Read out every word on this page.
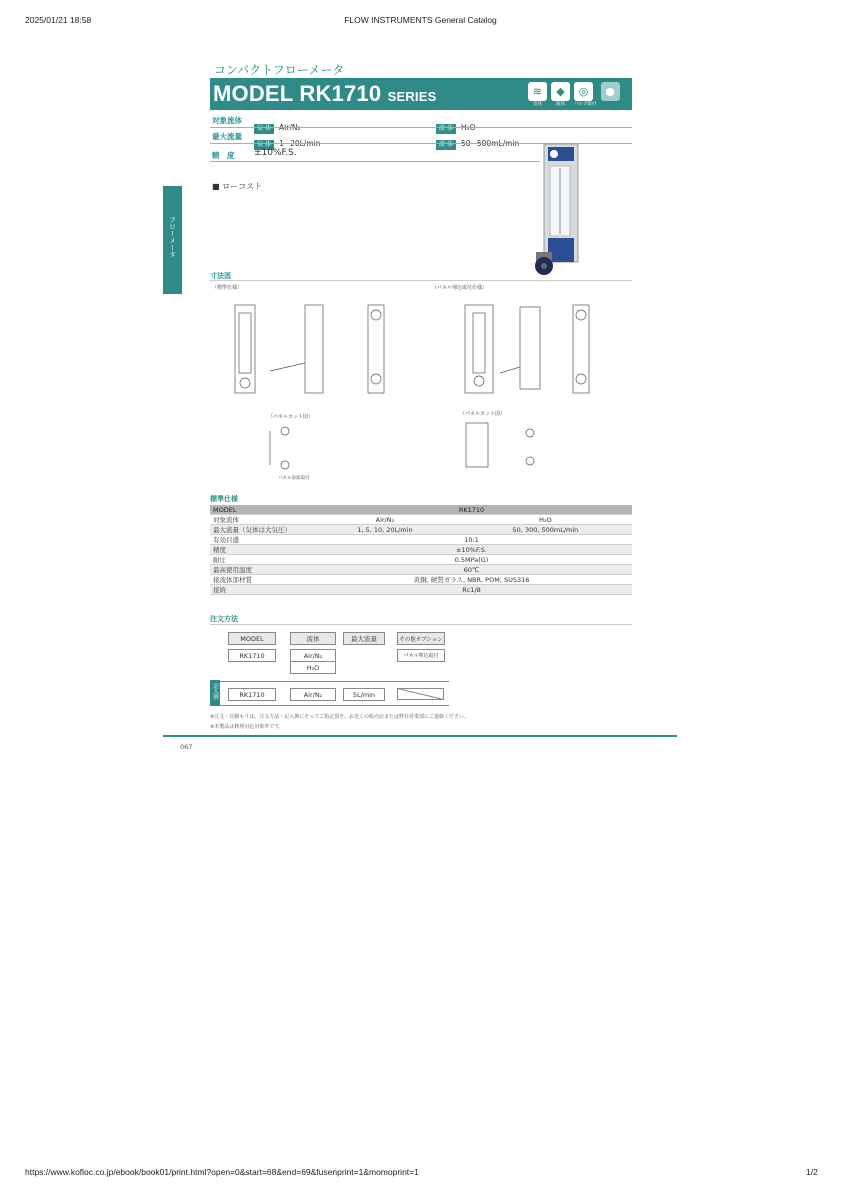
2025/01/21 18:58	FLOW INSTRUMENTS General Catalog
https://www.kofloc.co.jp/ebook/book01/print.html?open=0&start=68&end=69&fusenprint=1&momoprint=1	1/2
フローメータ
コンパクトフローメータ
MODEL RK1710 SERIES	≋
気体
◆
液体
◎
バルブ取付
●
対象流体
気 体 Air/N₂	液 体 H₂O
最大流量
気 体 1~20L/min	液 体 50~500mL/min
精　度 ±10%F.S.
■ ローコスト
寸法図
（標準仕様）	（パネル埋込取付仕様）
（パネルカット図）	（パネルカット図）
パネル表面取付
標準仕様
MODEL	RK1710	
対象流体	Air/N₂	H₂O
最大流量（気体は大気圧）	1, 5, 10, 20L/min	50, 300, 500mL/min
有効目盛	10:1	
精度	±10%F.S.	
耐圧	0.5MPa(G)	
最高使用温度	60℃	
接流体部材質	黄銅, 硬質ガラス, NBR, POM, SUS316	
接続	Rc1/8	
注文方法
MODEL	流体	最大流量	その他オプション
RK1710	Air/N₂
H₂O
パネル埋込取付
記入例	RK1710	Air/N₂	5L/min
※注文・見積もりは、注文方法・記入例にそってご指定頂き、お近くの販売店または弊社営業部にご連絡ください。
※本製品は修理対応対象外です。
067
